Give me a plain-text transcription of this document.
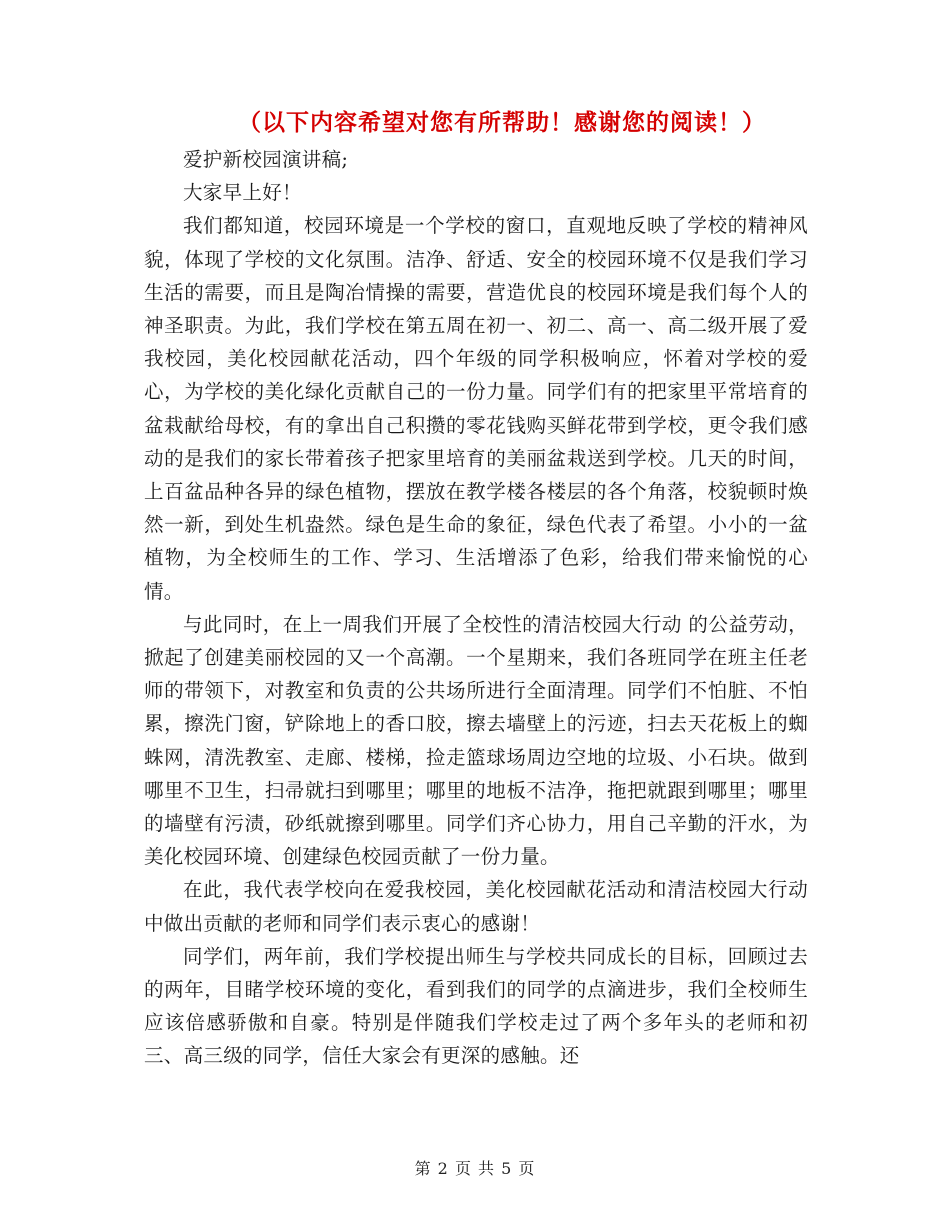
（以下内容希望对您有所帮助！感谢您的阅读！）

爱护新校园演讲稿;

大家早上好！

我们都知道，校园环境是一个学校的窗口，直观地反映了学校的精神风貌，体现了学校的文化氛围。洁净、舒适、安全的校园环境不仅是我们学习生活的需要，而且是陶冶情操的需要，营造优良的校园环境是我们每个人的神圣职责。为此，我们学校在第五周在初一、初二、高一、高二级开展了爱我校园，美化校园献花活动，四个年级的同学积极响应，怀着对学校的爱心，为学校的美化绿化贡献自己的一份力量。同学们有的把家里平常培育的盆栽献给母校，有的拿出自己积攒的零花钱购买鲜花带到学校，更令我们感动的是我们的家长带着孩子把家里培育的美丽盆栽送到学校。几天的时间，上百盆品种各异的绿色植物，摆放在教学楼各楼层的各个角落，校貌顿时焕然一新，到处生机盎然。绿色是生命的象征，绿色代表了希望。小小的一盆植物，为全校师生的工作、学习、生活增添了色彩，给我们带来愉悦的心情。

与此同时，在上一周我们开展了全校性的清洁校园大行动 的公益劳动，掀起了创建美丽校园的又一个高潮。一个星期来，我们各班同学在班主任老师的带领下，对教室和负责的公共场所进行全面清理。同学们不怕脏、不怕累，擦洗门窗，铲除地上的香口胶，擦去墙壁上的污迹，扫去天花板上的蜘蛛网，清洗教室、走廊、楼梯，捡走篮球场周边空地的垃圾、小石块。做到哪里不卫生，扫帚就扫到哪里；哪里的地板不洁净，拖把就跟到哪里；哪里的墙壁有污渍，砂纸就擦到哪里。同学们齐心协力，用自己辛勤的汗水，为美化校园环境、创建绿色校园贡献了一份力量。

在此，我代表学校向在爱我校园，美化校园献花活动和清洁校园大行动中做出贡献的老师和同学们表示衷心的感谢！

同学们，两年前，我们学校提出师生与学校共同成长的目标，回顾过去的两年，目睹学校环境的变化，看到我们的同学的点滴进步，我们全校师生应该倍感骄傲和自豪。特别是伴随我们学校走过了两个多年头的老师和初三、高三级的同学，信任大家会有更深的感触。还

第 2 页 共 5 页
